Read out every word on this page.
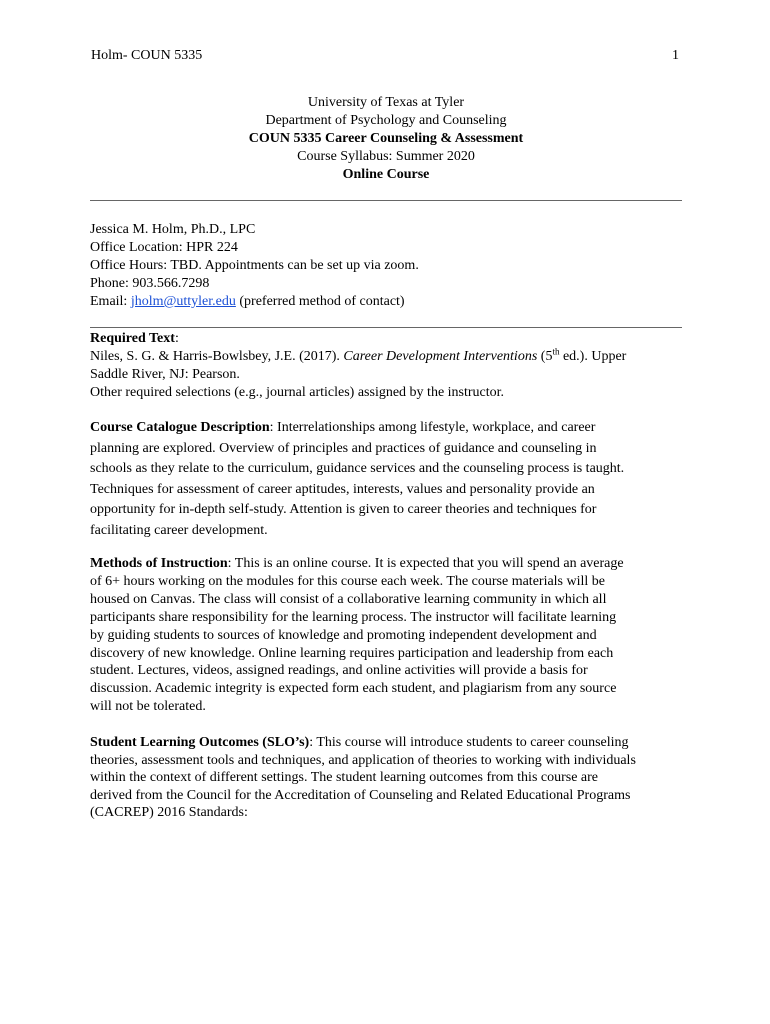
Holm- COUN 5335	1
University of Texas at Tyler
Department of Psychology and Counseling
COUN 5335 Career Counseling & Assessment
Course Syllabus: Summer 2020
Online Course
Jessica M. Holm, Ph.D., LPC
Office Location: HPR 224
Office Hours: TBD. Appointments can be set up via zoom.
Phone: 903.566.7298
Email: jholm@uttyler.edu (preferred method of contact)
Required Text:
Niles, S. G. & Harris-Bowlsbey, J.E. (2017). Career Development Interventions (5th ed.). Upper
Saddle River, NJ: Pearson.
Other required selections (e.g., journal articles) assigned by the instructor.
Course Catalogue Description: Interrelationships among lifestyle, workplace, and career
planning are explored. Overview of principles and practices of guidance and counseling in
schools as they relate to the curriculum, guidance services and the counseling process is taught.
Techniques for assessment of career aptitudes, interests, values and personality provide an
opportunity for in-depth self-study. Attention is given to career theories and techniques for
facilitating career development.
Methods of Instruction: This is an online course. It is expected that you will spend an average
of 6+ hours working on the modules for this course each week. The course materials will be
housed on Canvas. The class will consist of a collaborative learning community in which all
participants share responsibility for the learning process. The instructor will facilitate learning
by guiding students to sources of knowledge and promoting independent development and
discovery of new knowledge. Online learning requires participation and leadership from each
student. Lectures, videos, assigned readings, and online activities will provide a basis for
discussion. Academic integrity is expected form each student, and plagiarism from any source
will not be tolerated.
Student Learning Outcomes (SLO’s): This course will introduce students to career counseling
theories, assessment tools and techniques, and application of theories to working with individuals
within the context of different settings. The student learning outcomes from this course are
derived from the Council for the Accreditation of Counseling and Related Educational Programs
(CACREP) 2016 Standards:
